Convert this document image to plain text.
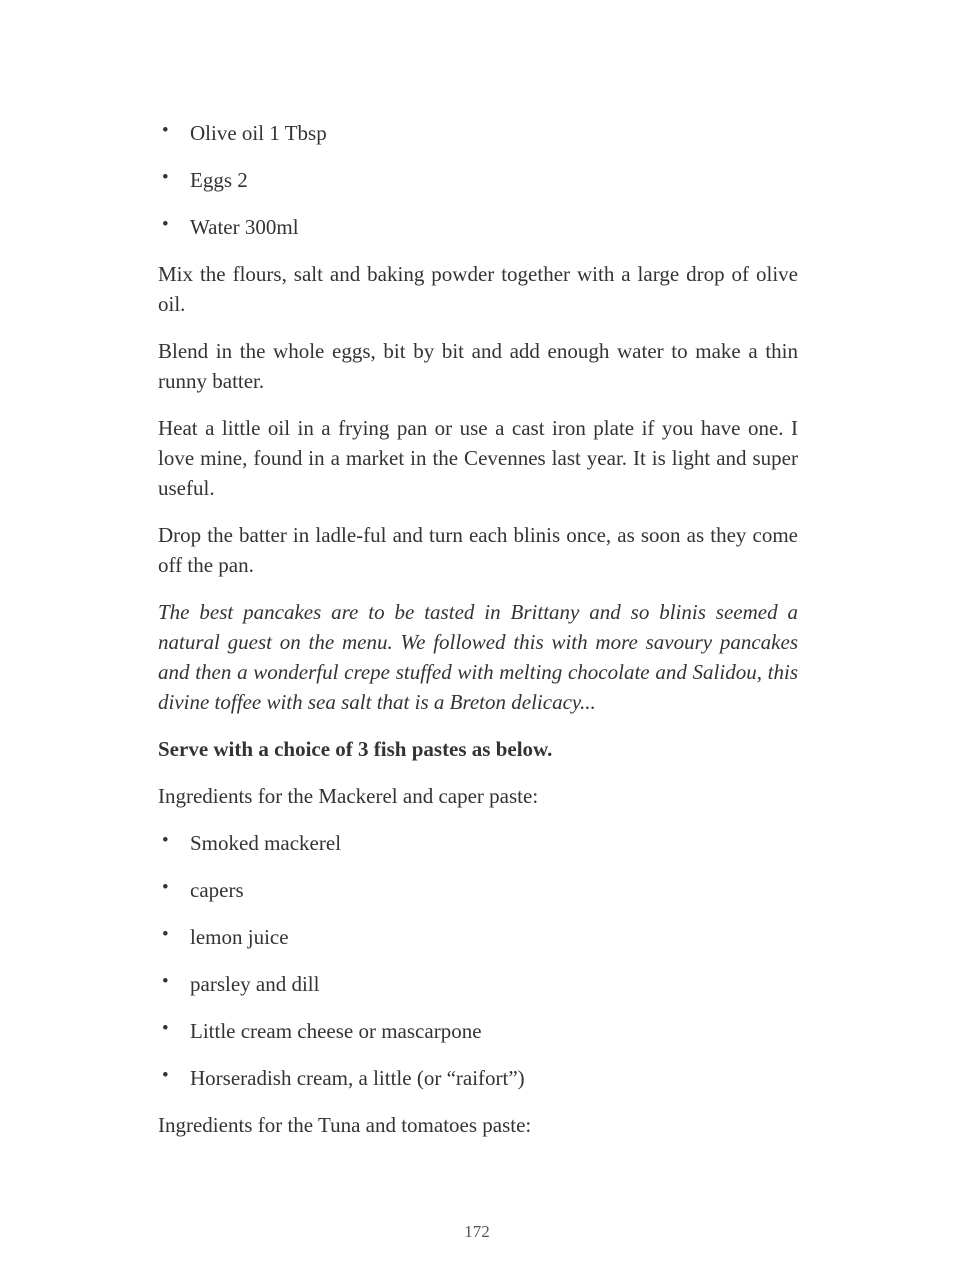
• Olive oil 1 Tbsp
• Eggs 2
• Water 300ml

Mix the flours, salt and baking powder together with a large drop of olive oil.

Blend in the whole eggs, bit by bit and add enough water to make a thin runny batter.

Heat a little oil in a frying pan or use a cast iron plate if you have one. I love mine, found in a market in the Cevennes last year. It is light and super useful.

Drop the batter in ladle-ful and turn each blinis once, as soon as they come off the pan.

The best pancakes are to be tasted in Brittany and so blinis seemed a natural guest on the menu. We followed this with more savoury pancakes and then a wonderful crepe stuffed with melting chocolate and Salidou, this divine toffee with sea salt that is a Breton delicacy...

Serve with a choice of 3 fish pastes as below.

Ingredients for the Mackerel and caper paste:

• Smoked mackerel
• capers
• lemon juice
• parsley and dill
• Little cream cheese or mascarpone
• Horseradish cream, a little (or “raifort”)

Ingredients for the Tuna and tomatoes paste:

172
